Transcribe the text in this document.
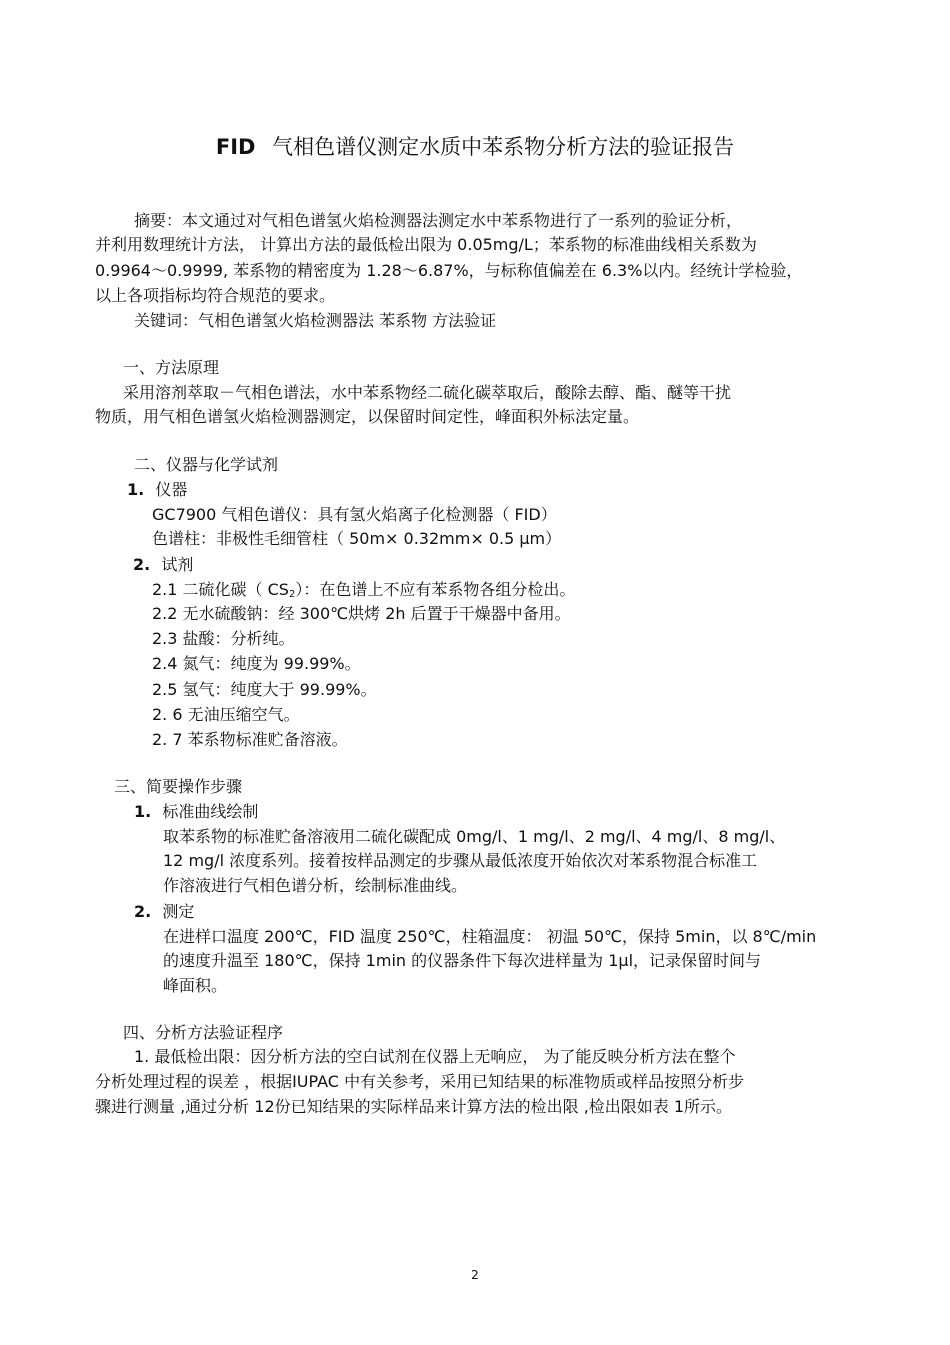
FID 气相色谱仪测定水质中苯系物分析方法的验证报告
摘要：本文通过对气相色谱氢火焰检测器法测定水中苯系物进行了一系列的验证分析，
并利用数理统计方法， 计算出方法的最低检出限为 0.05mg/L；苯系物的标准曲线相关系数为
0.9964～0.9999, 苯系物的精密度为 1.28～6.87%，与标称值偏差在 6.3%以内。经统计学检验，
以上各项指标均符合规范的要求。
关键词：气相色谱氢火焰检测器法 苯系物 方法验证
一、方法原理
采用溶剂萃取－气相色谱法，水中苯系物经二硫化碳萃取后，酸除去醇、酯、醚等干扰
物质，用气相色谱氢火焰检测器测定，以保留时间定性，峰面积外标法定量。
二、仪器与化学试剂
1. 仪器
GC7900 气相色谱仪：具有氢火焰离子化检测器（ FID）
色谱柱：非极性毛细管柱（ 50m× 0.32mm× 0.5 μm）
2. 试剂
2.1 二硫化碳（ $CS_2$）：在色谱上不应有苯系物各组分检出。
2.2 无水硫酸钠：经 300℃烘烤 2h 后置于干燥器中备用。
2.3 盐酸：分析纯。
2.4 氮气：纯度为 99.99%。
2.5 氢气：纯度大于 99.99%。
2. 6 无油压缩空气。
2. 7 苯系物标准贮备溶液。
三、简要操作步骤
1. 标准曲线绘制
取苯系物的标准贮备溶液用二硫化碳配成 0mg/l、1 mg/l、2 mg/l、4 mg/l、8 mg/l、
12 mg/l 浓度系列。接着按样品测定的步骤从最低浓度开始依次对苯系物混合标准工
作溶液进行气相色谱分析，绘制标准曲线。
2. 测定
在进样口温度 200℃，FID 温度 250℃，柱箱温度： 初温 50℃，保持 5min，以 8℃/min
的速度升温至 180℃，保持 1min 的仪器条件下每次进样量为 1μl，记录保留时间与
峰面积。
四、分析方法验证程序
1. 最低检出限：因分析方法的空白试剂在仪器上无响应， 为了能反映分析方法在整个
分析处理过程的误差 ，根据IUPAC 中有关参考，采用已知结果的标准物质或样品按照分析步
骤进行测量 ,通过分析 12份已知结果的实际样品来计算方法的检出限 ,检出限如表 1所示。
2
